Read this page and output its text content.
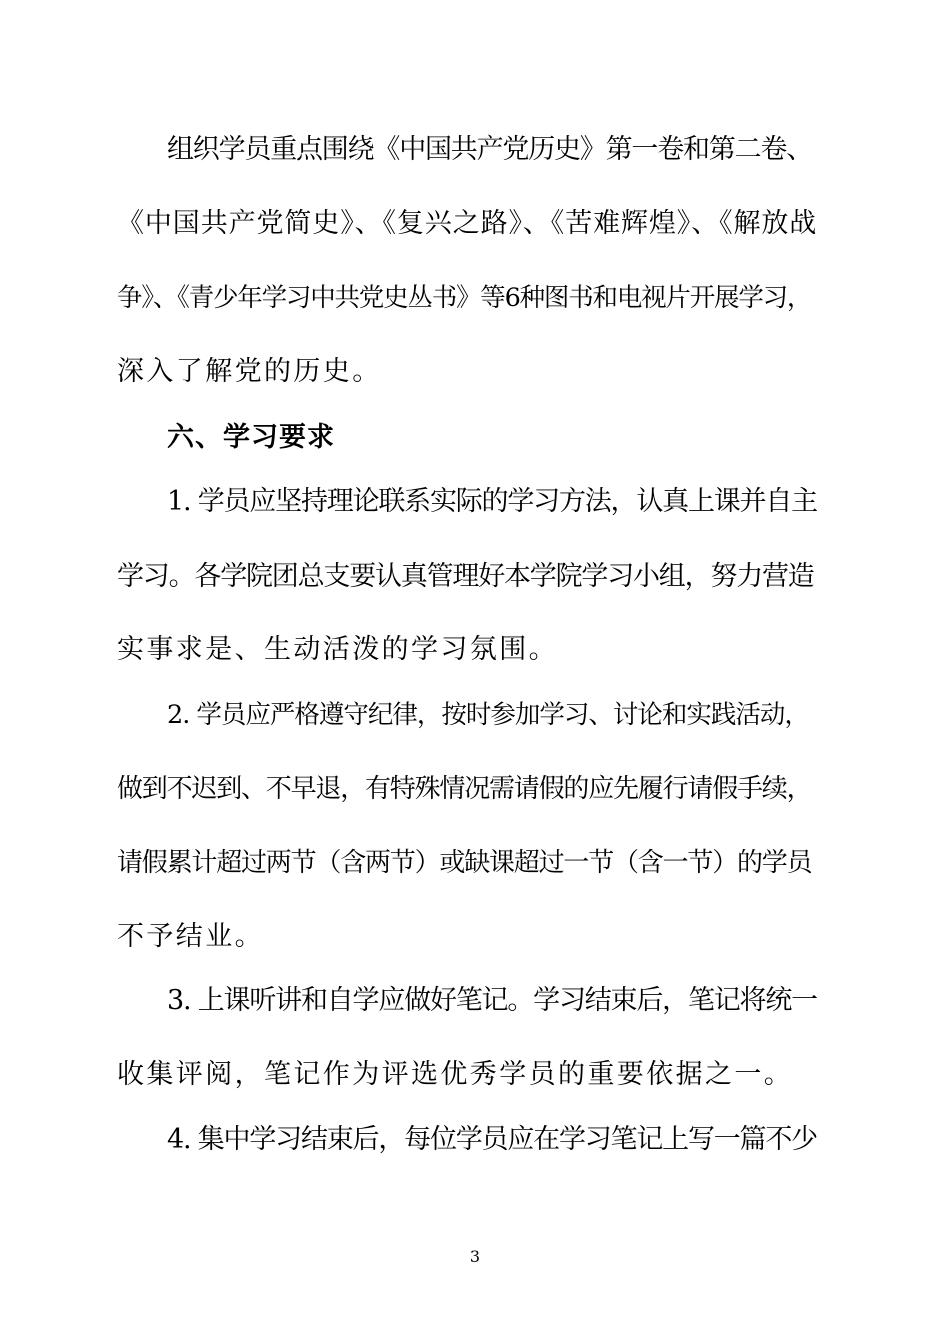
组织学员重点围绕《中国共产党历史》第一卷和第二卷、
《中国共产党简史》、《复兴之路》、《苦难辉煌》、《解放战
争》、《青少年学习中共党史丛书》等6种图书和电视片开展学习，
深入了解党的历史。
六、学习要求
1. 学员应坚持理论联系实际的学习方法，认真上课并自主
学习。各学院团总支要认真管理好本学院学习小组，努力营造
实事求是、生动活泼的学习氛围。
2. 学员应严格遵守纪律，按时参加学习、讨论和实践活动，
做到不迟到、不早退，有特殊情况需请假的应先履行请假手续，
请假累计超过两节（含两节）或缺课超过一节（含一节）的学员
不予结业。
3. 上课听讲和自学应做好笔记。学习结束后，笔记将统一
收集评阅，笔记作为评选优秀学员的重要依据之一。
4. 集中学习结束后，每位学员应在学习笔记上写一篇不少
3
